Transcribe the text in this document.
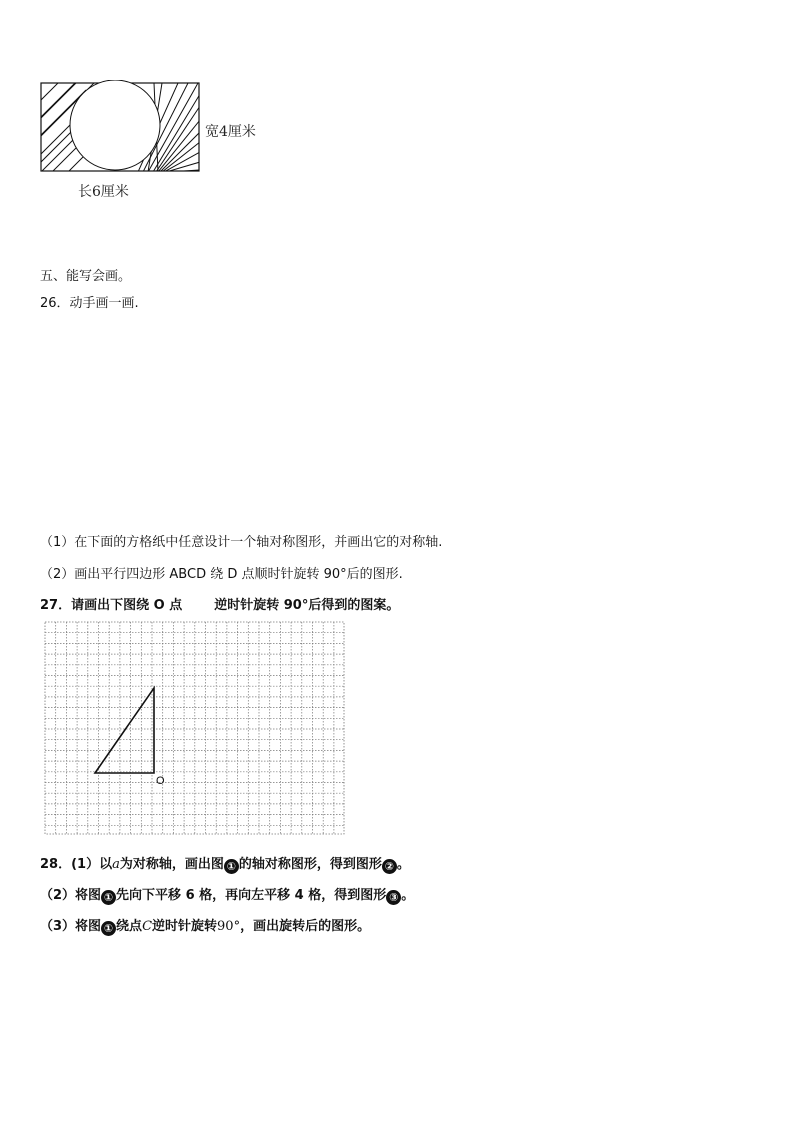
宽4厘米
长6厘米
五、能写会画。
26．动手画一画.
（1）在下面的方格纸中任意设计一个轴对称图形，并画出它的对称轴.
（2）画出平行四边形 ABCD 绕 D 点顺时针旋转 90°后的图形.
27．请画出下图绕 O 点 逆时针旋转 90°后得到的图案。
O
28．(1）以a为对称轴，画出图 ① 的轴对称图形，得到图形 ② 。
（2）将图 ① 先向下平移 6 格，再向左平移 4 格，得到图形 ③ 。
（3）将图 ① 绕点C逆时针旋转90°，画出旋转后的图形。
